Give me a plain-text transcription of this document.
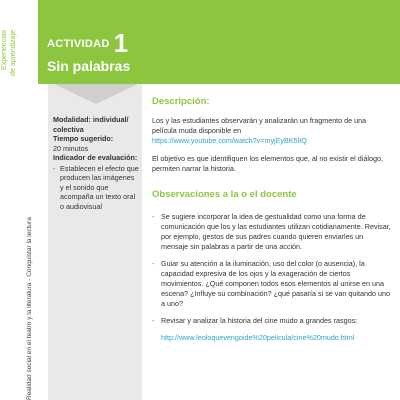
Experiencias de aprendizaje
Realidad social en el teatro y la literatura - Conquistar la lectura
ACTIVIDAD 1
Sin palabras
Modalidad: individual/ colectiva
Tiempo sugerido:
20 minutos
Indicador de evaluación:
- Establecen el efecto que producen las imágenes y el sonido que acompaña un texto oral o audiovisual
Descripción:

Los y las estudiantes observarán y analizarán un fragmento de una película muda disponible en
https://www.youtube.com/watch?v=myjEyBK5lIQ

El objetivo es que identifiquen los elementos que, al no existir el diálogo, permiten narrar la historia.

Observaciones a la o el docente
- Se sugiere incorporar la idea de gestualidad como una forma de comunicación que los y las estudiantes utilizan cotidianamente. Revisar, por ejemplo, gestos de sus padres cuando quieren enviarles un mensaje sin palabras a partir de una acción.
- Guiar su atención a la iluminación, uso del color (o ausencia), la capacidad expresiva de los ojos y la exageración de ciertos movimientos. ¿Qué componen todos esos elementos al unirse en una escena? ¿Influye su combinación? ¿qué pasaría si se van quitando uno a uno?
- Revisar y analizar la historia del cine mudo a grandes rasgos:
http://www.leoloquevengoide%20pelicula/cine%20mudo.html
